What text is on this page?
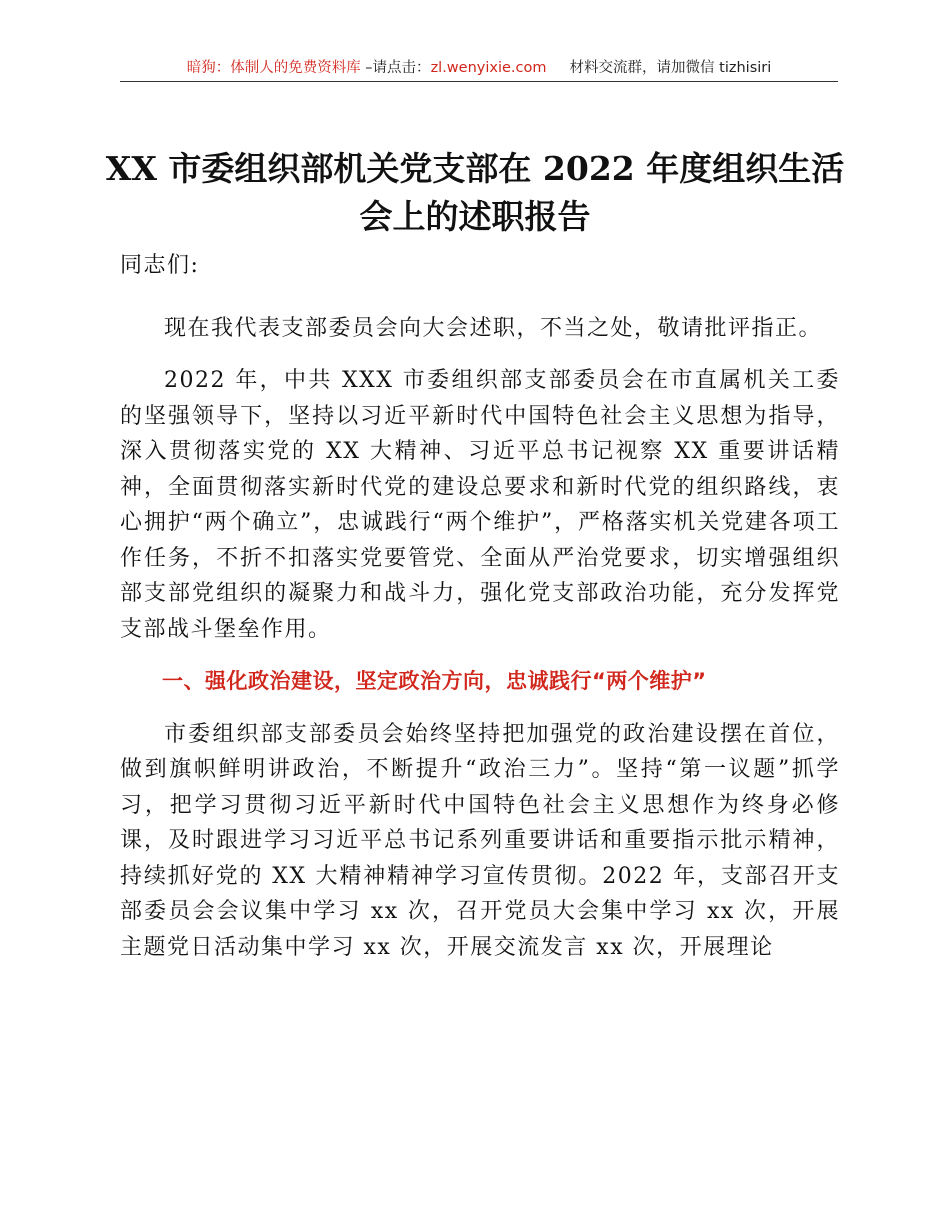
暗狗：体制人的免费资料库 –请点击：zl.wenyixie.com     材料交流群，请加微信 tizhisiri
XX 市委组织部机关党支部在 2022 年度组织生活
会上的述职报告

同志们:

现在我代表支部委员会向大会述职，不当之处，敬请批评指正。

2022 年，中共 XXX 市委组织部支部委员会在市直属机关工委的坚强领导下，坚持以习近平新时代中国特色社会主义思想为指导，深入贯彻落实党的 XX 大精神、习近平总书记视察 XX 重要讲话精神，全面贯彻落实新时代党的建设总要求和新时代党的组织路线，衷心拥护“两个确立”，忠诚践行“两个维护”，严格落实机关党建各项工作任务，不折不扣落实党要管党、全面从严治党要求，切实增强组织部支部党组织的凝聚力和战斗力，强化党支部政治功能，充分发挥党支部战斗堡垒作用。

一、强化政治建设，坚定政治方向，忠诚践行“两个维护”

市委组织部支部委员会始终坚持把加强党的政治建设摆在首位，做到旗帜鲜明讲政治，不断提升“政治三力”。坚持“第一议题”抓学习，把学习贯彻习近平新时代中国特色社会主义思想作为终身必修课，及时跟进学习习近平总书记系列重要讲话和重要指示批示精神，持续抓好党的 XX 大精神精神学习宣传贯彻。2022 年，支部召开支部委员会会议集中学习 xx 次，召开党员大会集中学习 xx 次，开展主题党日活动集中学习 xx 次，开展交流发言 xx 次，开展理论
